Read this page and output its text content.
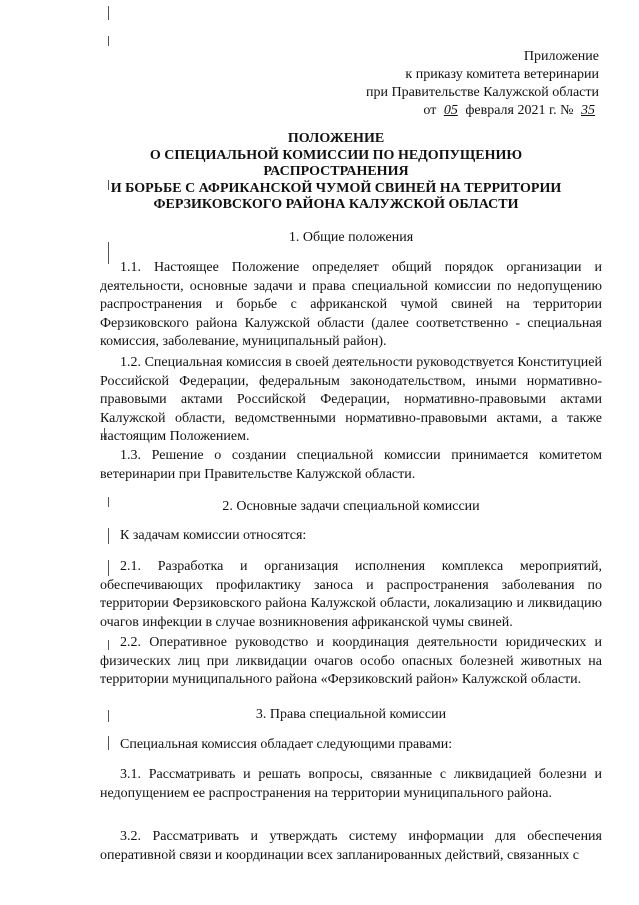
Приложение
к приказу комитета ветеринарии
при Правительстве Калужской области
от 05 февраля 2021 г. № 35
ПОЛОЖЕНИЕ
О СПЕЦИАЛЬНОЙ КОМИССИИ ПО НЕДОПУЩЕНИЮ
РАСПРОСТРАНЕНИЯ
И БОРЬБЕ С АФРИКАНСКОЙ ЧУМОЙ СВИНЕЙ НА ТЕРРИТОРИИ
ФЕРЗИКОВСКОГО РАЙОНА КАЛУЖСКОЙ ОБЛАСТИ
1. Общие положения
1.1. Настоящее Положение определяет общий порядок организации и деятельности, основные задачи и права специальной комиссии по недопущению распространения и борьбе с африканской чумой свиней на территории Ферзиковского района Калужской области (далее соответственно - специальная комиссия, заболевание, муниципальный район).
1.2. Специальная комиссия в своей деятельности руководствуется Конституцией Российской Федерации, федеральным законодательством, иными нормативно-правовыми актами Российской Федерации, нормативно-правовыми актами Калужской области, ведомственными нормативно-правовыми актами, а также настоящим Положением.
1.3. Решение о создании специальной комиссии принимается комитетом ветеринарии при Правительстве Калужской области.
2. Основные задачи специальной комиссии
К задачам комиссии относятся:
2.1. Разработка и организация исполнения комплекса мероприятий, обеспечивающих профилактику заноса и распространения заболевания по территории Ферзиковского района Калужской области, локализацию и ликвидацию очагов инфекции в случае возникновения африканской чумы свиней.
2.2. Оперативное руководство и координация деятельности юридических и физических лиц при ликвидации очагов особо опасных болезней животных на территории муниципального района «Ферзиковский район» Калужской области.
3. Права специальной комиссии
Специальная комиссия обладает следующими правами:
3.1. Рассматривать и решать вопросы, связанные с ликвидацией болезни и недопущением ее распространения на территории муниципального района.
3.2. Рассматривать и утверждать систему информации для обеспечения оперативной связи и координации всех запланированных действий, связанных с
